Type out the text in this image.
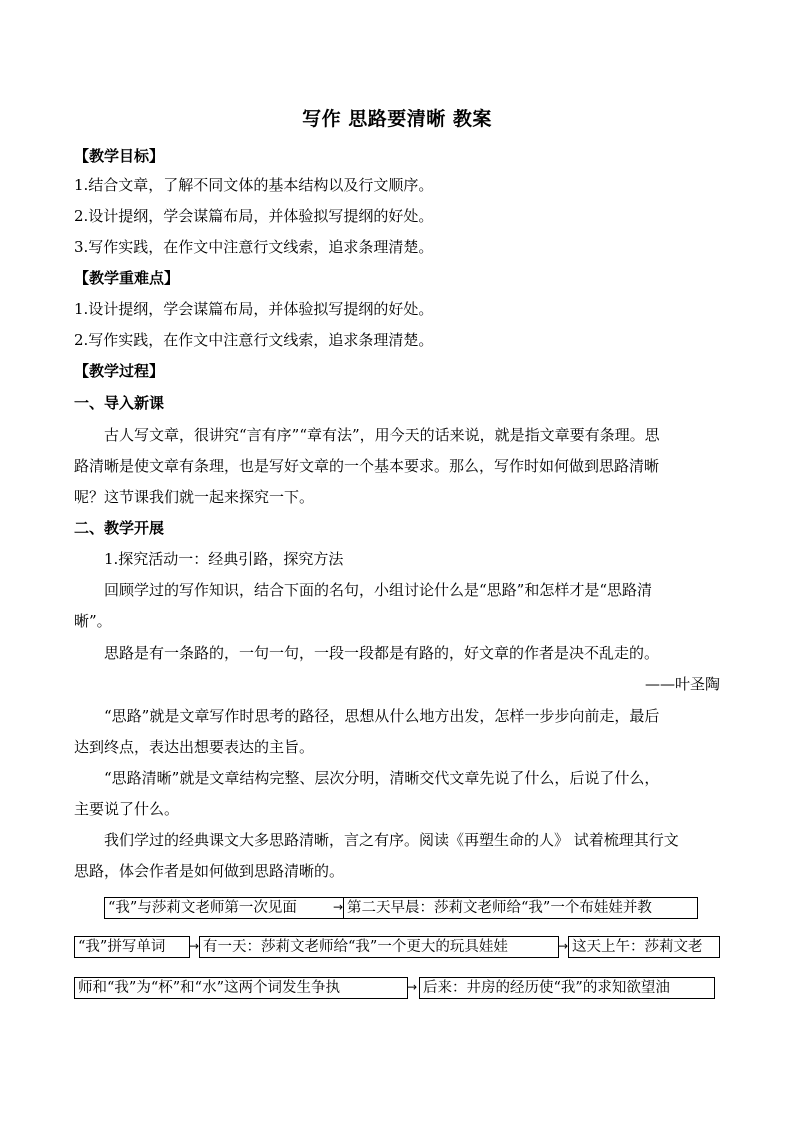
写作 思路要清晰 教案
【教学目标】
1.结合文章，了解不同文体的基本结构以及行文顺序。
2.设计提纲，学会谋篇布局，并体验拟写提纲的好处。
3.写作实践，在作文中注意行文线索，追求条理清楚。
【教学重难点】
1.设计提纲，学会谋篇布局，并体验拟写提纲的好处。
2.写作实践，在作文中注意行文线索，追求条理清楚。
【教学过程】
一、导入新课
古人写文章，很讲究“言有序”“章有法”，用今天的话来说，就是指文章要有条理。思
路清晰是使文章有条理，也是写好文章的一个基本要求。那么，写作时如何做到思路清晰
呢？这节课我们就一起来探究一下。
二、教学开展
1.探究活动一：经典引路，探究方法
回顾学过的写作知识，结合下面的名句，小组讨论什么是“思路”和怎样才是“思路清
晰”。
思路是有一条路的，一句一句，一段一段都是有路的，好文章的作者是决不乱走的。
——叶圣陶
“思路”就是文章写作时思考的路径，思想从什么地方出发，怎样一步步向前走，最后
达到终点，表达出想要表达的主旨。
“思路清晰”就是文章结构完整、层次分明，清晰交代文章先说了什么，后说了什么，
主要说了什么。
我们学过的经典课文大多思路清晰，言之有序。阅读《再塑生命的人》 试着梳理其行文
思路，体会作者是如何做到思路清晰的。
“我”与莎莉文老师第一次见面	→ 第二天早晨：莎莉文老师给“我”一个布娃娃并教
“我”拼写单词	→ 有一天：莎莉文老师给“我”一个更大的玩具娃娃	→ 这天上午：莎莉文老
师和“我”为“杯”和“水”这两个词发生争执	→ 后来：井房的经历使“我”的求知欲望油
